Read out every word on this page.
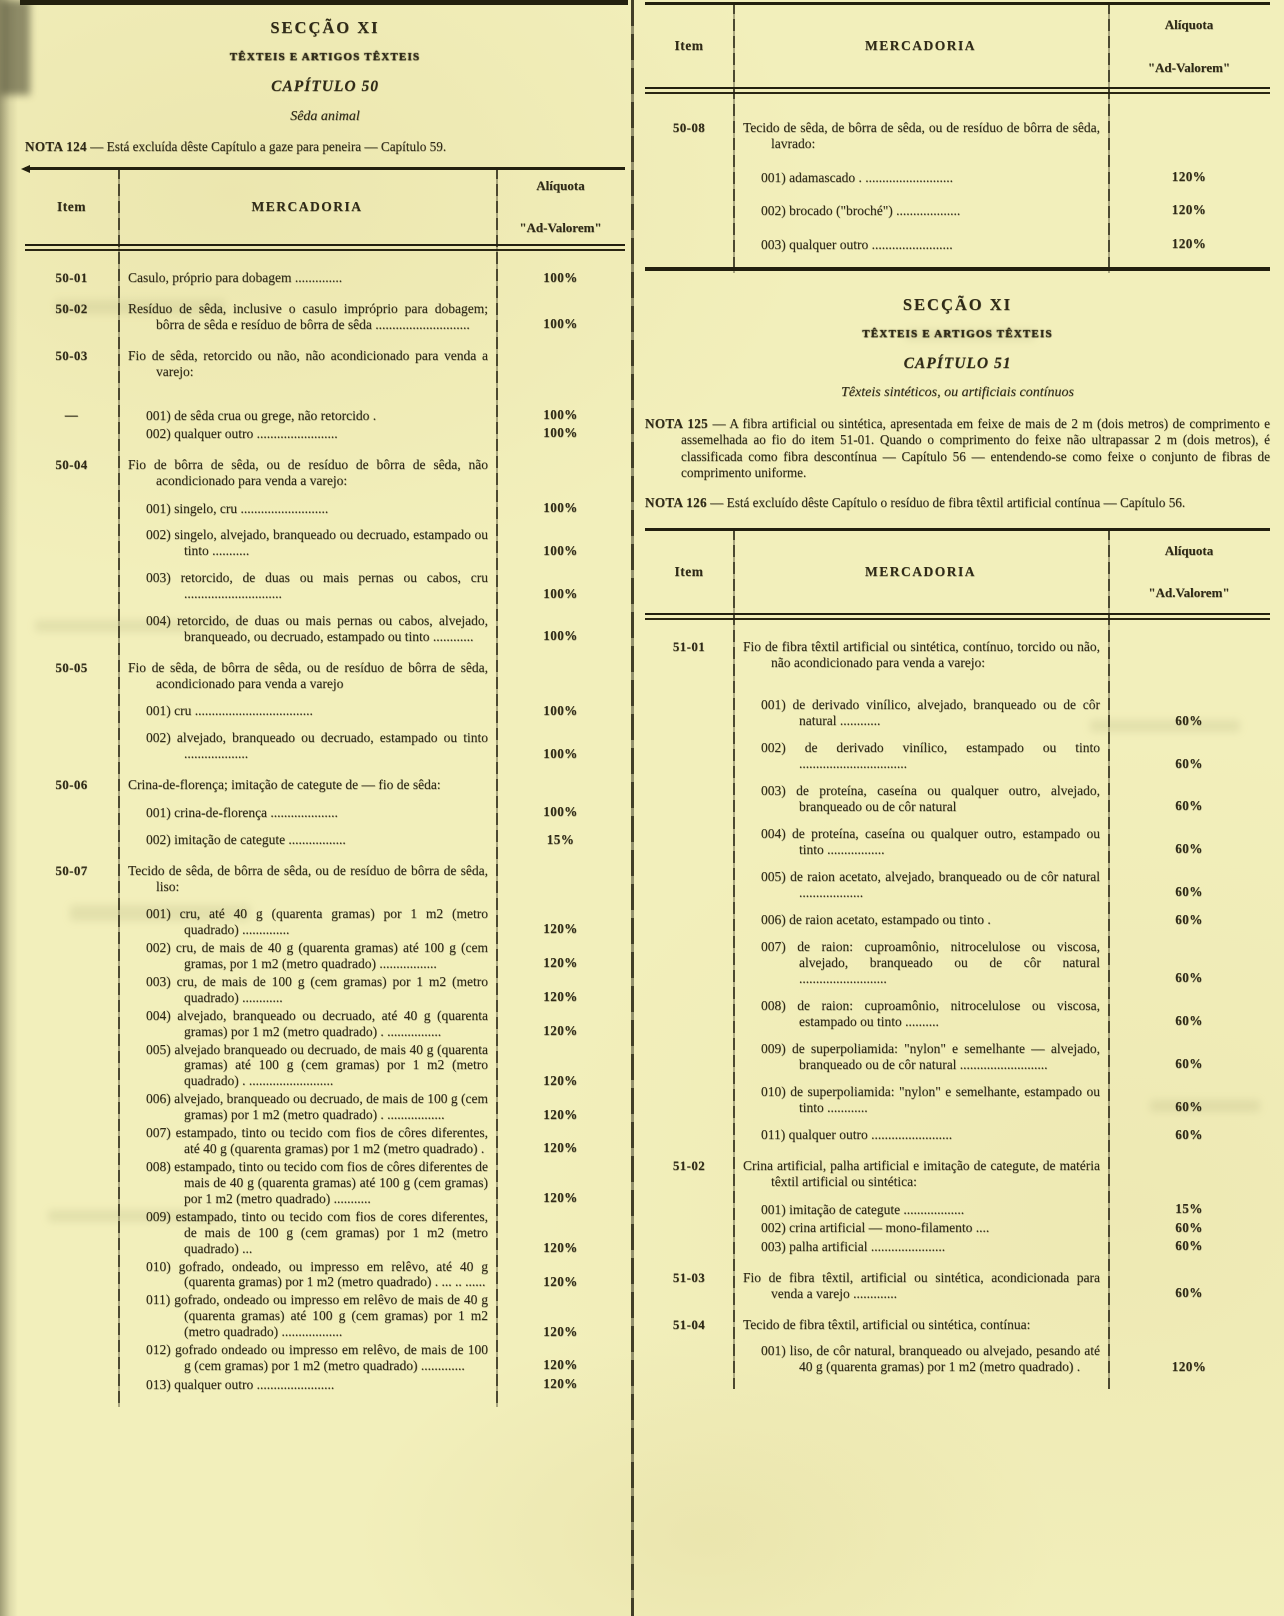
SECÇÃO XI
TÊXTEIS E ARTIGOS TÊXTEIS
CAPÍTULO 50
Sêda animal

NOTA 124 — Está excluída dêste Capítulo a gaze para peneira — Capítulo 59.

Item	MERCADORIA
Alíquota
"Ad-Valorem"
50-01	Casulo, próprio para dobagem ..............	100%
50-02	Resíduo de sêda, inclusive o casulo impróprio para dobagem; bôrra de sêda e resíduo de bôrra de sêda ............................	100%
50-03	Fio de sêda, retorcido ou não, não acondicionado para venda a varejo:
—	001) de sêda crua ou grege, não retorcido .	100%
002) qualquer outro ........................	100%
50-04	Fio de bôrra de sêda, ou de resíduo de bôrra de sêda, não acondicionado para venda a varejo:
001) singelo, cru ..........................	100%
002) singelo, alvejado, branqueado ou decruado, estampado ou tinto ...........	100%
003) retorcido, de duas ou mais pernas ou cabos, cru .............................	100%
004) retorcido, de duas ou mais pernas ou cabos, alvejado, branqueado, ou decruado, estampado ou tinto ............	100%
50-05	Fio de sêda, de bôrra de sêda, ou de resíduo de bôrra de sêda, acondicionado para venda a varejo
001) cru ...................................	100%
002) alvejado, branqueado ou decruado, estampado ou tinto ...................	100%
50-06	Crina-de-florença; imitação de categute de — fio de sêda:
001) crina-de-florença ....................	100%
002) imitação de categute .................	15%
50-07	Tecido de sêda, de bôrra de sêda, ou de resíduo de bôrra de sêda, liso:
001) cru, até 40 g (quarenta gramas) por 1 m2 (metro quadrado) ..............	120%
002) cru, de mais de 40 g (quarenta gramas) até 100 g (cem gramas, por 1 m2 (metro quadrado) .................	120%
003) cru, de mais de 100 g (cem gramas) por 1 m2 (metro quadrado) ............	120%
004) alvejado, branqueado ou decruado, até 40 g (quarenta gramas) por 1 m2 (metro quadrado) . ................	120%
005) alvejado branqueado ou decruado, de mais 40 g (quarenta gramas) até 100 g (cem gramas) por 1 m2 (metro quadrado) . .........................	120%
006) alvejado, branqueado ou decruado, de mais de 100 g (cem gramas) por 1 m2 (metro quadrado) . .................	120%
007) estampado, tinto ou tecido com fios de côres diferentes, até 40 g (quarenta gramas) por 1 m2 (metro quadrado) .	120%
008) estampado, tinto ou tecido com fios de côres diferentes de mais de 40 g (quarenta gramas) até 100 g (cem gramas) por 1 m2 (metro quadrado) ...........	120%
009) estampado, tinto ou tecido com fios de cores diferentes, de mais de 100 g (cem gramas) por 1 m2 (metro quadrado) ...	120%
010) gofrado, ondeado, ou impresso em relêvo, até 40 g (quarenta gramas) por 1 m2 (metro quadrado) . ... .. ......	120%
011) gofrado, ondeado ou impresso em relêvo de mais de 40 g (quarenta gramas) até 100 g (cem gramas) por 1 m2 (metro quadrado) ..................	120%
012) gofrado ondeado ou impresso em relêvo, de mais de 100 g (cem gramas) por 1 m2 (metro quadrado) .............	120%
013) qualquer outro .......................	120%
Item	MERCADORIA
Alíquota
"Ad-Valorem"
50-08	Tecido de sêda, de bôrra de sêda, ou de resíduo de bôrra de sêda, lavrado:
001) adamascado . ..........................	120%
002) brocado ("broché") ...................	120%
003) qualquer outro ........................	120%
SECÇÃO XI
TÊXTEIS E ARTIGOS TÊXTEIS
CAPÍTULO 51
Têxteis sintéticos, ou artificiais contínuos

NOTA 125 — A fibra artificial ou sintética, apresentada em feixe de mais de 2 m (dois metros) de comprimento e assemelhada ao fio do item 51-01. Quando o comprimento do feixe não ultrapassar 2 m (dois metros), é classificada como fibra descontínua — Capítulo 56 — entendendo-se como feixe o conjunto de fibras de comprimento uniforme.

NOTA 126 — Está excluído dêste Capítulo o resíduo de fibra têxtil artificial contínua — Capítulo 56.

Item	MERCADORIA
Alíquota
"Ad.Valorem"
51-01	Fio de fibra têxtil artificial ou sintética, contínuo, torcido ou não, não acondicionado para venda a varejo:
001) de derivado vinílico, alvejado, branqueado ou de côr natural ............	60%
002) de derivado vinílico, estampado ou tinto ................................	60%
003) de proteína, caseína ou qualquer outro, alvejado, branqueado ou de côr natural	60%
004) de proteína, caseína ou qualquer outro, estampado ou tinto .................	60%
005) de raion acetato, alvejado, branqueado ou de côr natural ...................	60%
006) de raion acetato, estampado ou tinto .	60%
007) de raion: cuproamônio, nitrocelulose ou viscosa, alvejado, branqueado ou de côr natural ..........................	60%
008) de raion: cuproamônio, nitrocelulose ou viscosa, estampado ou tinto ..........	60%
009) de superpoliamida: "nylon" e semelhante — alvejado, branqueado ou de côr natural ..........................	60%
010) de superpoliamida: "nylon" e semelhante, estampado ou tinto ............	60%
011) qualquer outro ........................	60%
51-02	Crina artificial, palha artificial e imitação de categute, de matéria têxtil artificial ou sintética:
001) imitação de categute ..................	15%
002) crina artificial — mono-filamento ....	60%
003) palha artificial ......................	60%
51-03	Fio de fibra têxtil, artificial ou sintética, acondicionada para venda a varejo .............	60%
51-04	Tecido de fibra têxtil, artificial ou sintética, contínua:
001) liso, de côr natural, branqueado ou alvejado, pesando até 40 g (quarenta gramas) por 1 m2 (metro quadrado) .	120%
